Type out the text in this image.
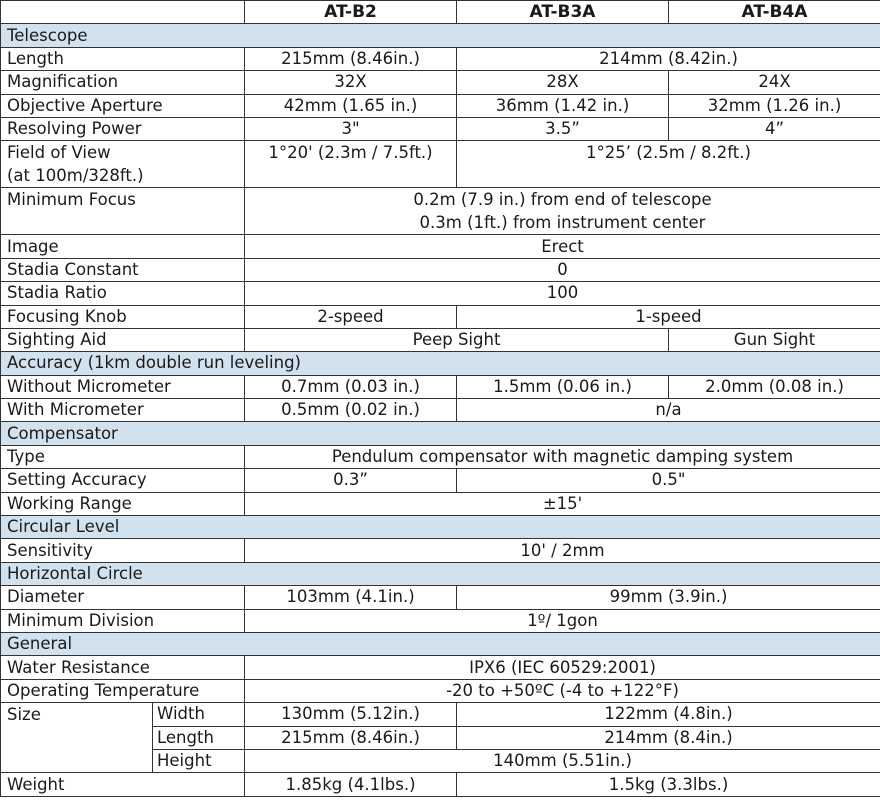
		AT-B2	AT-B3A	AT-B4A
Telescope				
Length		215mm (8.46in.)	214mm (8.42in.)	
Magnification		32X	28X	24X
Objective Aperture		42mm (1.65 in.)	36mm (1.42 in.)	32mm (1.26 in.)
Resolving Power		3"	3.5”	4”

Field of View
(at 100m/328ft.)		1°20' (2.3m / 7.5ft.)	1°25’ (2.5m / 8.2ft.)	
Minimum Focus		0.2m (7.9 in.) from end of telescope
0.3m (1ft.) from instrument center		

Image		Erect		
Stadia Constant		0		
Stadia Ratio		100		
Focusing Knob		2-speed	1-speed	
Sighting Aid		Peep Sight		Gun Sight
Accuracy (1km double run leveling)				
Without Micrometer		0.7mm (0.03 in.)	1.5mm (0.06 in.)	2.0mm (0.08 in.)
With Micrometer		0.5mm (0.02 in.)	n/a	
Compensator				
Type		Pendulum compensator with magnetic damping system		
Setting Accuracy		0.3”	0.5"	
Working Range		±15'		
Circular Level				
Sensitivity		10' / 2mm		
Horizontal Circle				
Diameter		103mm (4.1in.)	99mm (3.9in.)	
Minimum Division		1º/ 1gon		
General				
Water Resistance		IPX6 (IEC 60529:2001)		
Operating Temperature		-20 to +50ºC (-4 to +122°F)		
Size	Width	130mm (5.12in.)	122mm (4.8in.)	
	Length	215mm (8.46in.)	214mm (8.4in.)	
	Height	140mm (5.51in.)		
Weight		1.85kg (4.1lbs.)	1.5kg (3.3lbs.)	
